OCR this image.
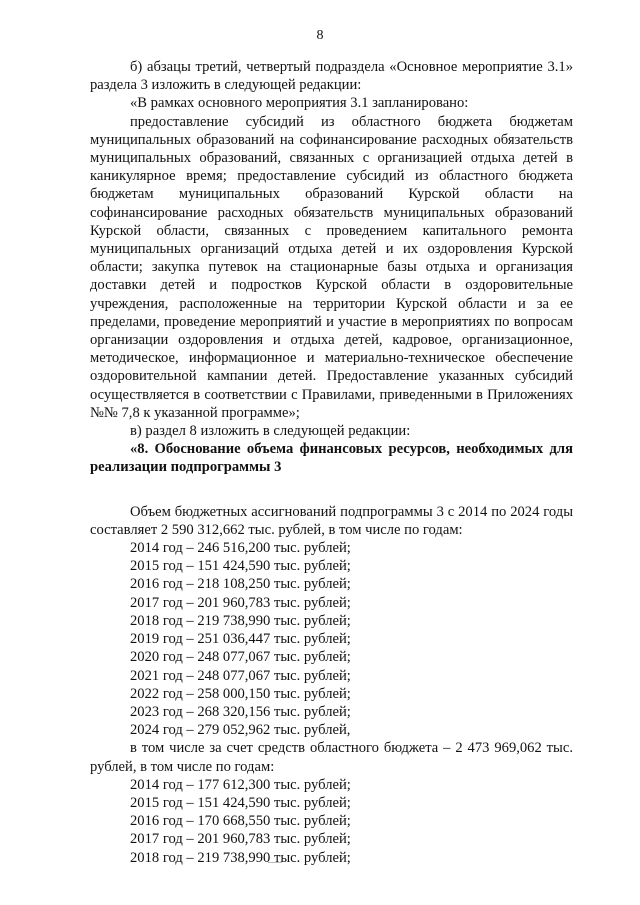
8

б) абзацы третий, четвертый подраздела «Основное мероприятие 3.1» раздела 3 изложить в следующей редакции:

«В рамках основного мероприятия 3.1 запланировано:

предоставление субсидий из областного бюджета бюджетам муниципальных образований на софинансирование расходных обязательств муниципальных образований, связанных с организацией отдыха детей в каникулярное время; предоставление субсидий из областного бюджета бюджетам муниципальных образований Курской области на софинансирование расходных обязательств муниципальных образований Курской области, связанных с проведением капитального ремонта муниципальных организаций отдыха детей и их оздоровления Курской области; закупка путевок на стационарные базы отдыха и организация доставки детей и подростков Курской области в оздоровительные учреждения, расположенные на территории Курской области и за ее пределами, проведение мероприятий и участие в мероприятиях по вопросам организации оздоровления и отдыха детей, кадровое, организационное, методическое, информационное и материально-техническое обеспечение оздоровительной кампании детей. Предоставление указанных субсидий осуществляется в соответствии с Правилами, приведенными в Приложениях №№ 7,8 к указанной программе»;

в) раздел 8 изложить в следующей редакции:

«8. Обоснование объема финансовых ресурсов, необходимых для реализации подпрограммы 3

Объем бюджетных ассигнований подпрограммы 3 с 2014 по 2024 годы составляет 2 590 312,662 тыс. рублей, в том числе по годам:

2014 год – 246 516,200 тыс. рублей;

2015 год – 151 424,590 тыс. рублей;

2016 год – 218 108,250 тыс. рублей;

2017 год – 201 960,783 тыс. рублей;

2018 год – 219 738,990 тыс. рублей;

2019 год – 251 036,447 тыс. рублей;

2020 год – 248 077,067 тыс. рублей;

2021 год – 248 077,067 тыс. рублей;

2022 год – 258 000,150 тыс. рублей;

2023 год – 268 320,156 тыс. рублей;

2024 год – 279 052,962 тыс. рублей,

в том числе за счет средств областного бюджета – 2 473 969,062 тыс. рублей, в том числе по годам:

2014 год – 177 612,300 тыс. рублей;

2015 год – 151 424,590 тыс. рублей;

2016 год – 170 668,550 тыс. рублей;

2017 год – 201 960,783 тыс. рублей;

2018 год – 219 738,990 тыс. рублей;
